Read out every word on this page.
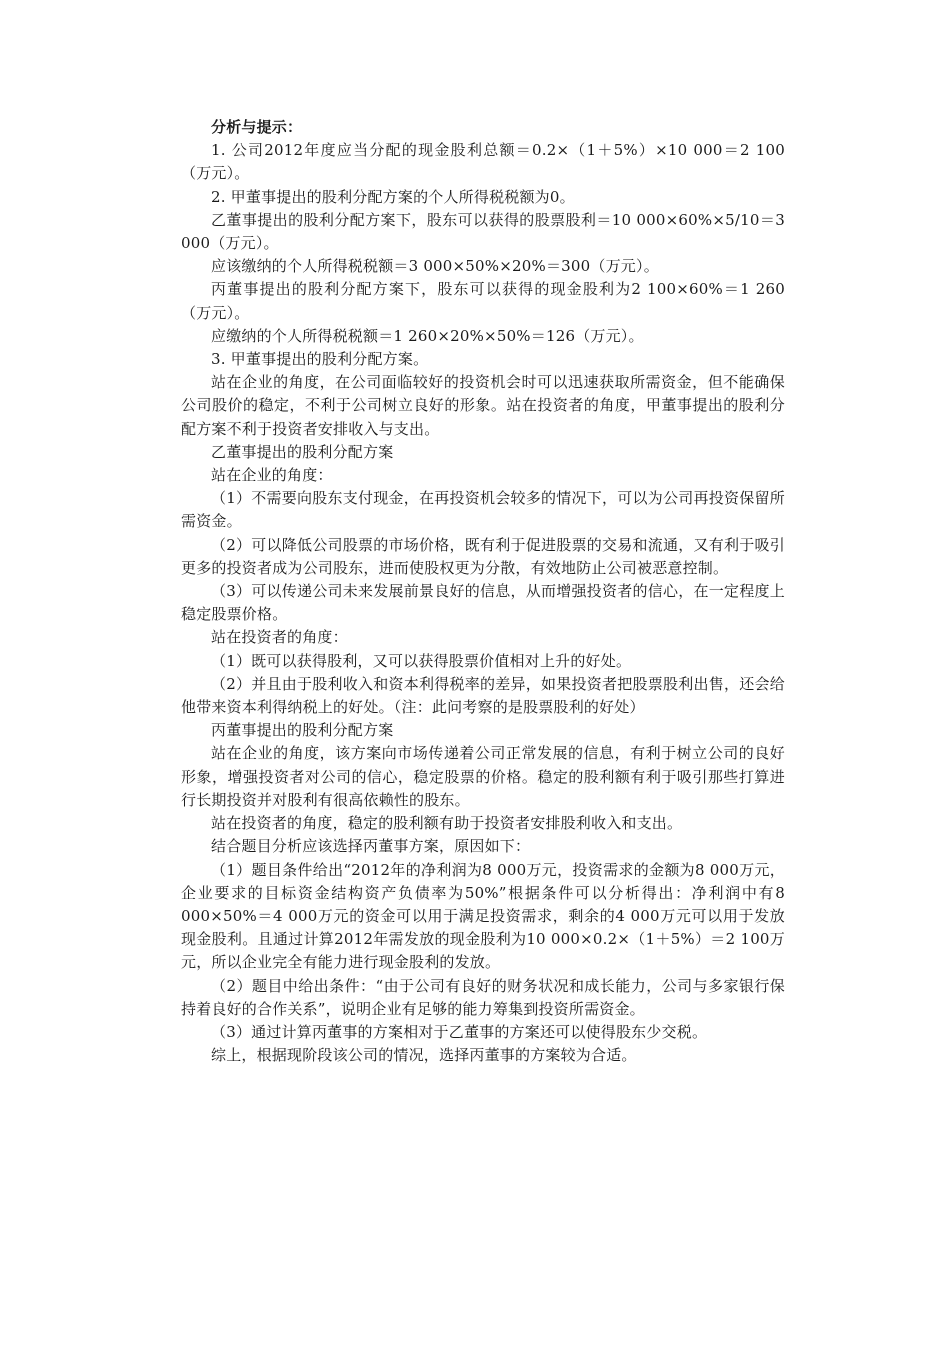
分析与提示：

1. 公司2012年度应当分配的现金股利总额＝0.2×（1＋5%）×10 000＝2 100（万元）。

2. 甲董事提出的股利分配方案的个人所得税税额为0。

乙董事提出的股利分配方案下，股东可以获得的股票股利＝10 000×60%×5/10＝3 000（万元）。

应该缴纳的个人所得税税额＝3 000×50%×20%＝300（万元）。

丙董事提出的股利分配方案下，股东可以获得的现金股利为2 100×60%＝1 260（万元）。

应缴纳的个人所得税税额＝1 260×20%×50%＝126（万元）。

3. 甲董事提出的股利分配方案。

站在企业的角度，在公司面临较好的投资机会时可以迅速获取所需资金，但不能确保公司股价的稳定，不利于公司树立良好的形象。站在投资者的角度，甲董事提出的股利分配方案不利于投资者安排收入与支出。

乙董事提出的股利分配方案

站在企业的角度：

（1）不需要向股东支付现金，在再投资机会较多的情况下，可以为公司再投资保留所需资金。

（2）可以降低公司股票的市场价格，既有利于促进股票的交易和流通，又有利于吸引更多的投资者成为公司股东，进而使股权更为分散，有效地防止公司被恶意控制。

（3）可以传递公司未来发展前景良好的信息，从而增强投资者的信心，在一定程度上稳定股票价格。

站在投资者的角度：

（1）既可以获得股利，又可以获得股票价值相对上升的好处。

（2）并且由于股利收入和资本利得税率的差异，如果投资者把股票股利出售，还会给他带来资本利得纳税上的好处。（注：此问考察的是股票股利的好处）

丙董事提出的股利分配方案

站在企业的角度，该方案向市场传递着公司正常发展的信息，有利于树立公司的良好形象，增强投资者对公司的信心，稳定股票的价格。稳定的股利额有利于吸引那些打算进行长期投资并对股利有很高依赖性的股东。

站在投资者的角度，稳定的股利额有助于投资者安排股利收入和支出。

结合题目分析应该选择丙董事方案，原因如下：

（1）题目条件给出“2012年的净利润为8 000万元，投资需求的金额为8 000万元，企业要求的目标资金结构资产负债率为50%”根据条件可以分析得出：净利润中有8 000×50%＝4 000万元的资金可以用于满足投资需求，剩余的4 000万元可以用于发放现金股利。且通过计算2012年需发放的现金股利为10 000×0.2×（1＋5%）＝2 100万元，所以企业完全有能力进行现金股利的发放。

（2）题目中给出条件：“由于公司有良好的财务状况和成长能力，公司与多家银行保持着良好的合作关系”，说明企业有足够的能力筹集到投资所需资金。

（3）通过计算丙董事的方案相对于乙董事的方案还可以使得股东少交税。

综上，根据现阶段该公司的情况，选择丙董事的方案较为合适。
